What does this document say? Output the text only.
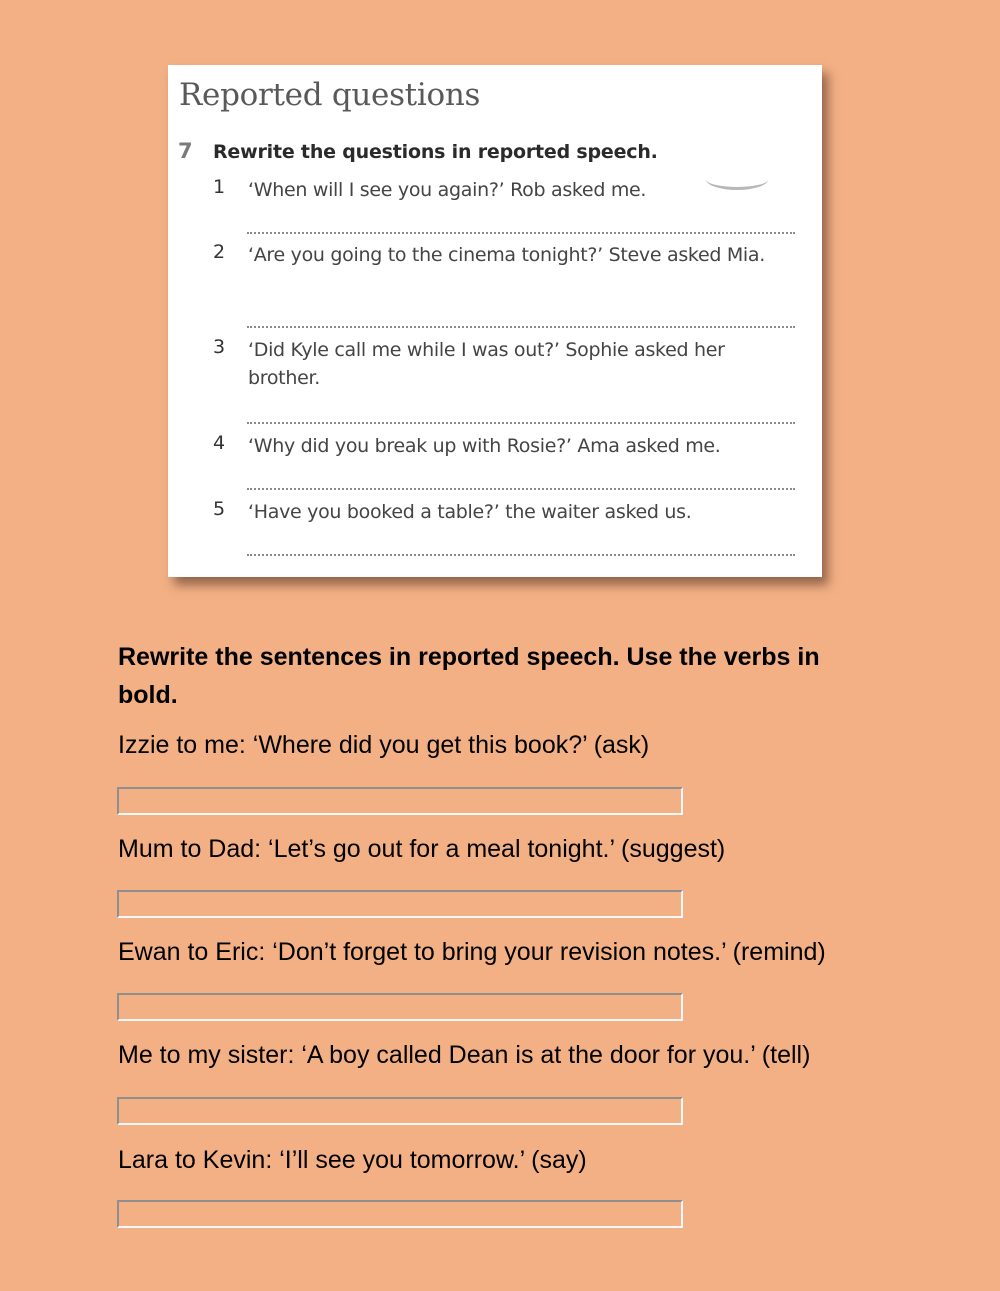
Reported questions
7 Rewrite the questions in reported speech.
1 ‘When will I see you again?’ Rob asked me.
2 ‘Are you going to the cinema tonight?’ Steve asked Mia.
3 ‘Did Kyle call me while I was out?’ Sophie asked her brother.
4 ‘Why did you break up with Rosie?’ Ama asked me.
5 ‘Have you booked a table?’ the waiter asked us.
Rewrite the sentences in reported speech. Use the verbs in bold.
Izzie to me: ‘Where did you get this book?’ (ask)
Mum to Dad: ‘Let’s go out for a meal tonight.’ (suggest)
Ewan to Eric: ‘Don’t forget to bring your revision notes.’ (remind)
Me to my sister: ‘A boy called Dean is at the door for you.’ (tell)
Lara to Kevin: ‘I’ll see you tomorrow.’ (say)
